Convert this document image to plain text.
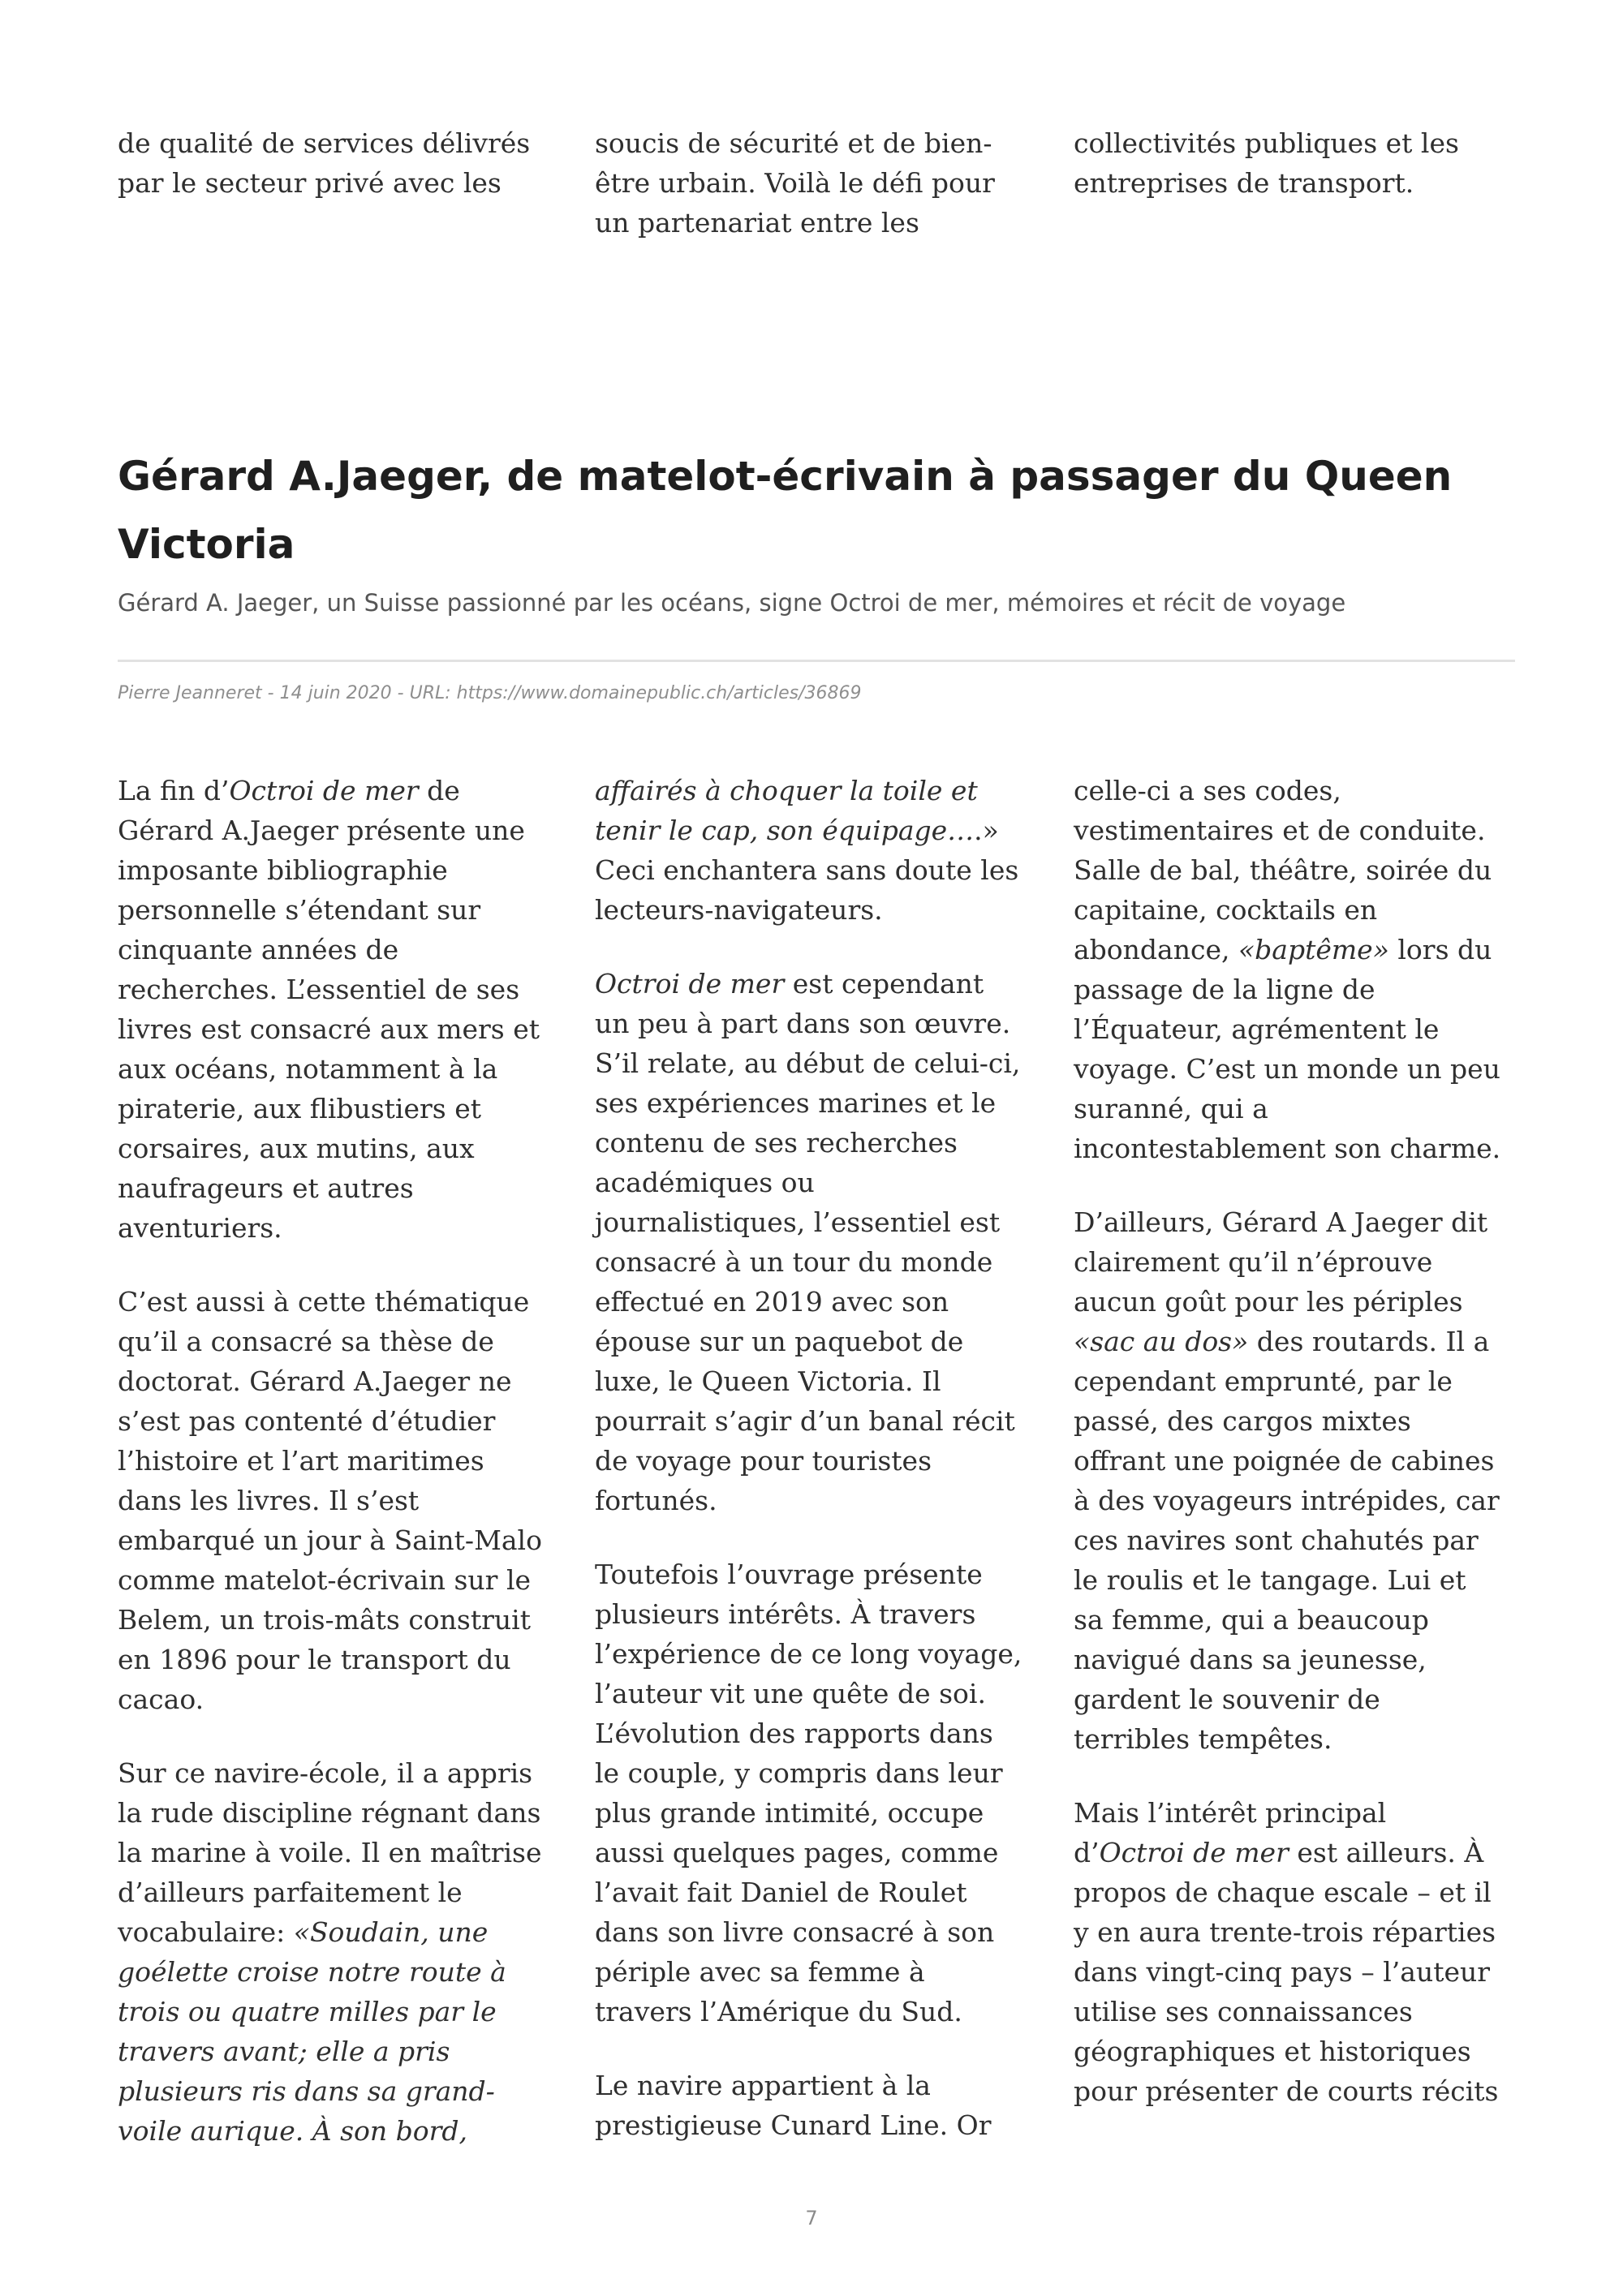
de qualité de services délivrés par le secteur privé avec les

soucis de sécurité et de bien-être urbain. Voilà le défi pour un partenariat entre les

collectivités publiques et les entreprises de transport.

Gérard A.Jaeger, de matelot-écrivain à passager du Queen Victoria

Gérard A. Jaeger, un Suisse passionné par les océans, signe Octroi de mer, mémoires et récit de voyage

Pierre Jeanneret - 14 juin 2020 - URL: https://www.domainepublic.ch/articles/36869

La fin d’Octroi de mer de Gérard A.Jaeger présente une imposante bibliographie personnelle s’étendant sur cinquante années de recherches. L’essentiel de ses livres est consacré aux mers et aux océans, notamment à la piraterie, aux flibustiers et corsaires, aux mutins, aux naufrageurs et autres aventuriers.

C’est aussi à cette thématique qu’il a consacré sa thèse de doctorat. Gérard A.Jaeger ne s’est pas contenté d’étudier l’histoire et l’art maritimes dans les livres. Il s’est embarqué un jour à Saint-Malo comme matelot-écrivain sur le Belem, un trois-mâts construit en 1896 pour le transport du cacao.

Sur ce navire-école, il a appris la rude discipline régnant dans la marine à voile. Il en maîtrise d’ailleurs parfaitement le vocabulaire: «Soudain, une goélette croise notre route à trois ou quatre milles par le travers avant; elle a pris plusieurs ris dans sa grand-voile aurique. À son bord,

affairés à choquer la toile et tenir le cap, son équipage….» Ceci enchantera sans doute les lecteurs-navigateurs.

Octroi de mer est cependant un peu à part dans son œuvre. S’il relate, au début de celui-ci, ses expériences marines et le contenu de ses recherches académiques ou journalistiques, l’essentiel est consacré à un tour du monde effectué en 2019 avec son épouse sur un paquebot de luxe, le Queen Victoria. Il pourrait s’agir d’un banal récit de voyage pour touristes fortunés.

Toutefois l’ouvrage présente plusieurs intérêts. À travers l’expérience de ce long voyage, l’auteur vit une quête de soi. L’évolution des rapports dans le couple, y compris dans leur plus grande intimité, occupe aussi quelques pages, comme l’avait fait Daniel de Roulet dans son livre consacré à son périple avec sa femme à travers l’Amérique du Sud.

Le navire appartient à la prestigieuse Cunard Line. Or

celle-ci a ses codes, vestimentaires et de conduite. Salle de bal, théâtre, soirée du capitaine, cocktails en abondance, «baptême» lors du passage de la ligne de l’Équateur, agrémentent le voyage. C’est un monde un peu suranné, qui a incontestablement son charme.

D’ailleurs, Gérard A Jaeger dit clairement qu’il n’éprouve aucun goût pour les périples «sac au dos» des routards. Il a cependant emprunté, par le passé, des cargos mixtes offrant une poignée de cabines à des voyageurs intrépides, car ces navires sont chahutés par le roulis et le tangage. Lui et sa femme, qui a beaucoup navigué dans sa jeunesse, gardent le souvenir de terribles tempêtes.

Mais l’intérêt principal d’Octroi de mer est ailleurs. À propos de chaque escale – et il y en aura trente-trois réparties dans vingt-cinq pays – l’auteur utilise ses connaissances géographiques et historiques pour présenter de courts récits

7
